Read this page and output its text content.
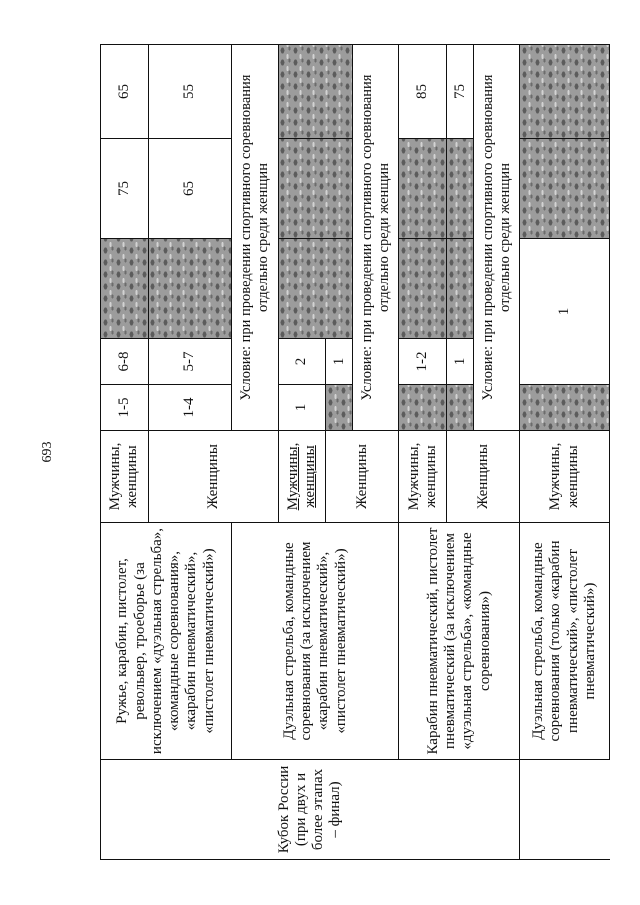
693
Кубок России (при двух и более этапах – финал)	Ружье, карабин, пистолет, револьвер, троеборье (за исключением «дуэльная стрельба», «командные соревнования», «карабин пневматический», «пистолет пневматический»)	Мужчины, женщины	1-5	6-8		75	65
		Женщины	1-4	5-7		65	55
	Дуэльная стрельба, командные соревнования (за исключением «карабин пневматический», «пистолет пневматический»)		Условие: при проведении спортивного соревнования отдельно среди женщин				
		Мужчины, женщины	1	2			
		Женщины		1			
			Условие: при проведении спортивного соревнования отдельно среди женщин				
	Карабин пневматический, пистолет пневматический (за исключением «дуэльная стрельба», «командные соревнования»)	Мужчины, женщины		1-2			85
		Женщины		1			75
			Условие: при проведении спортивного соревнования отдельно среди женщин				
	Дуэльная стрельба, командные соревнования (только «карабин пневматический», «пистолет пневматический»)	Мужчины, женщины		1			
